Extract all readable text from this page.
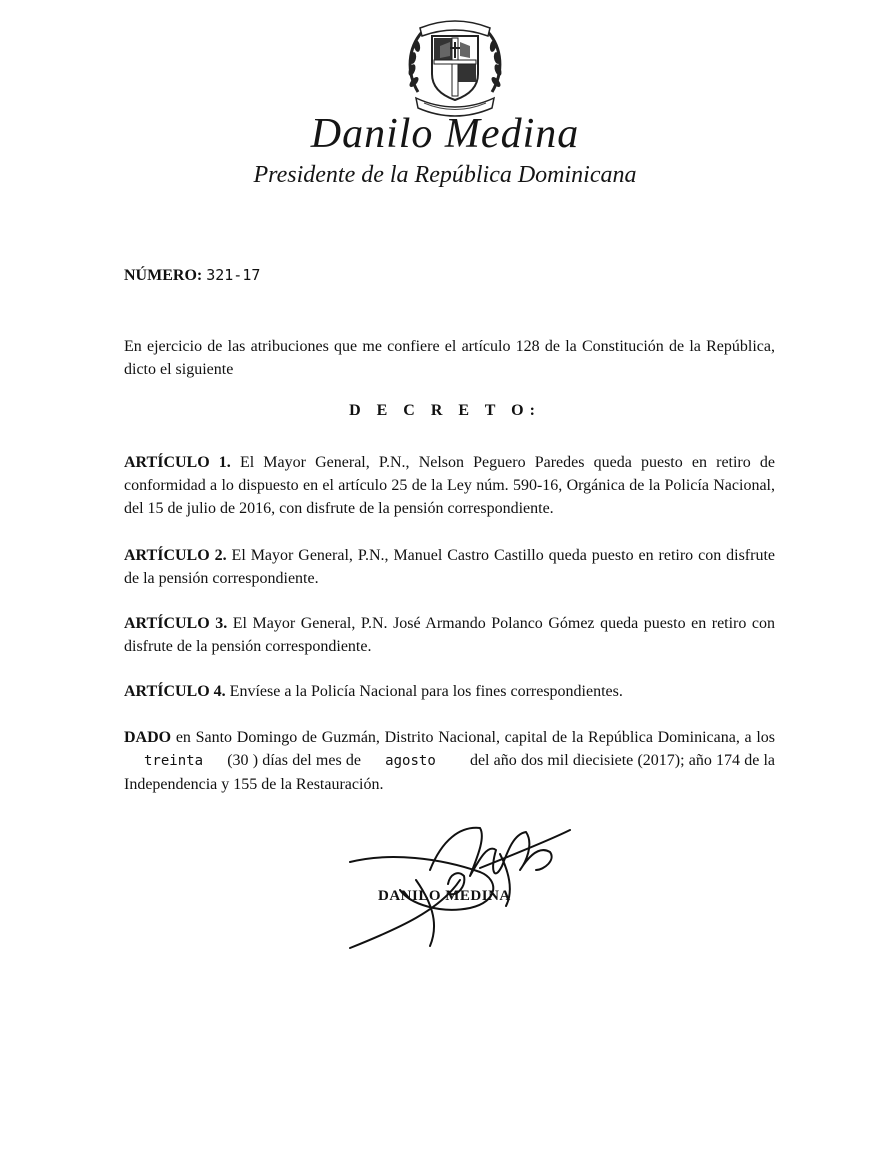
Danilo Medina
Presidente de la República Dominicana
NÚMERO: 321-17

En ejercicio de las atribuciones que me confiere el artículo 128 de la Constitución de la República, dicto el siguiente

D E C R E T O:

ARTÍCULO 1. El Mayor General, P.N., Nelson Peguero Paredes queda puesto en retiro de conformidad a lo dispuesto en el artículo 25 de la Ley núm. 590-16, Orgánica de la Policía Nacional, del 15 de julio de 2016, con disfrute de la pensión correspondiente.

ARTÍCULO 2. El Mayor General, P.N., Manuel Castro Castillo queda puesto en retiro con disfrute de la pensión correspondiente.

ARTÍCULO 3. El Mayor General, P.N. José Armando Polanco Gómez queda puesto en retiro con disfrute de la pensión correspondiente.

ARTÍCULO 4. Envíese a la Policía Nacional para los fines correspondientes.

DADO en Santo Domingo de Guzmán, Distrito Nacional, capital de la República Dominicana, a los treinta (30 ) días del mes de agosto del año dos mil diecisiete (2017); año 174 de la Independencia y 155 de la Restauración.

DANILO MEDINA
